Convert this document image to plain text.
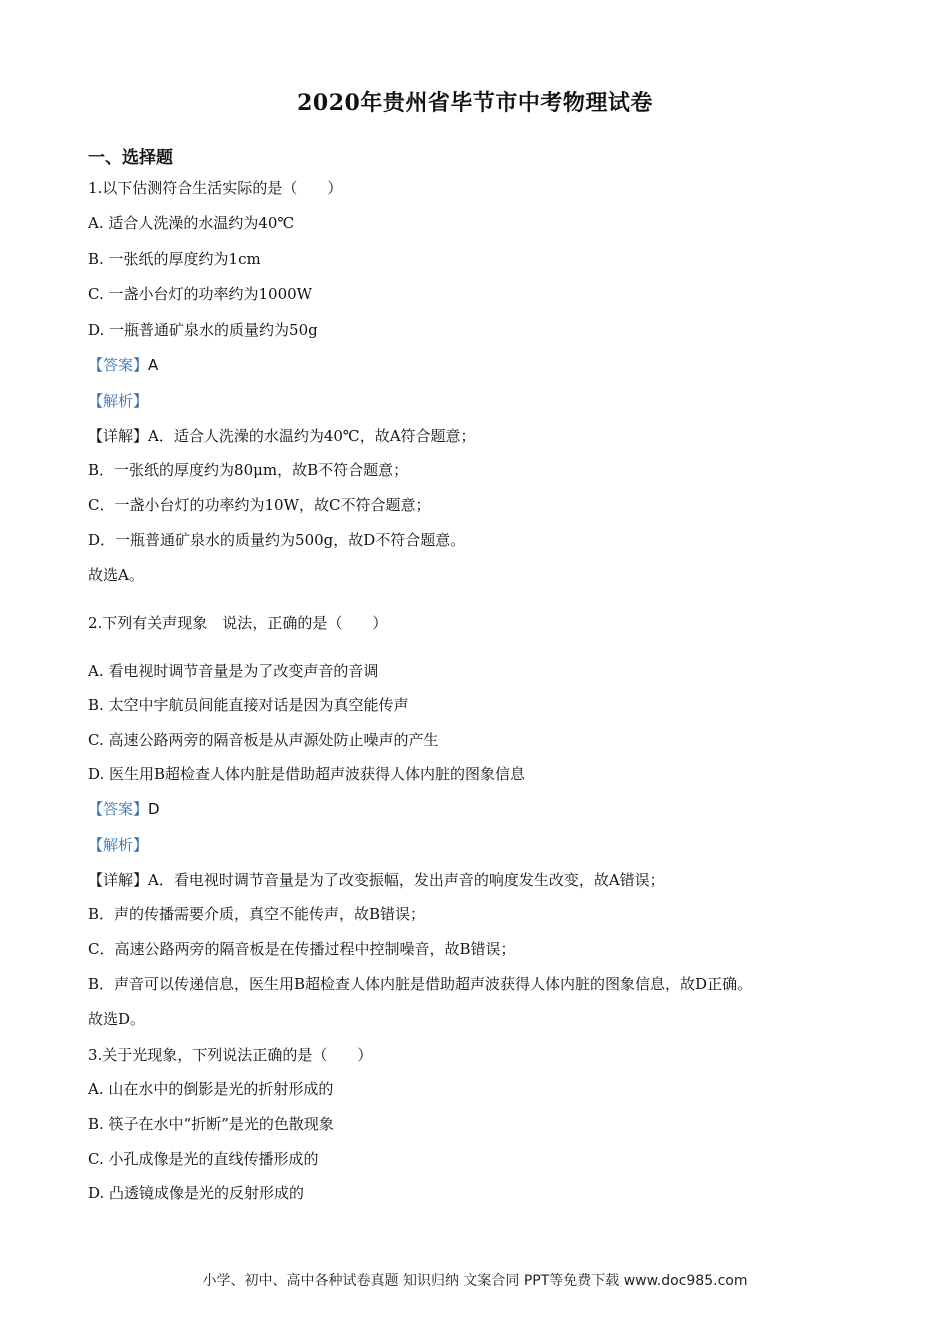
2020年贵州省毕节市中考物理试卷
一、选择题
1.以下估测符合生活实际的是（　　）
A. 适合人洗澡的水温约为40℃
B. 一张纸的厚度约为1cm
C. 一盏小台灯的功率约为1000W
D. 一瓶普通矿泉水的质量约为50g
【答案】A
【解析】
【详解】A．适合人洗澡的水温约为40℃，故A符合题意；
B．一张纸的厚度约为80μm，故B不符合题意；
C．一盏小台灯的功率约为10W，故C不符合题意；
D．一瓶普通矿泉水的质量约为500g，故D不符合题意。
故选A。
2.下列有关声现象　说法，正确的是（　　）
A. 看电视时调节音量是为了改变声音的音调
B. 太空中宇航员间能直接对话是因为真空能传声
C. 高速公路两旁的隔音板是从声源处防止噪声的产生
D. 医生用B超检查人体内脏是借助超声波获得人体内脏的图象信息
【答案】D
【解析】
【详解】A．看电视时调节音量是为了改变振幅，发出声音的响度发生改变，故A错误；
B．声的传播需要介质，真空不能传声，故B错误；
C．高速公路两旁的隔音板是在传播过程中控制噪音，故B错误；
B．声音可以传递信息，医生用B超检查人体内脏是借助超声波获得人体内脏的图象信息，故D正确。
故选D。
3.关于光现象，下列说法正确的是（　　）
A. 山在水中的倒影是光的折射形成的
B. 筷子在水中“折断”是光的色散现象
C. 小孔成像是光的直线传播形成的
D. 凸透镜成像是光的反射形成的
小学、初中、高中各种试卷真题 知识归纳 文案合同 PPT等免费下载 www.doc985.com
